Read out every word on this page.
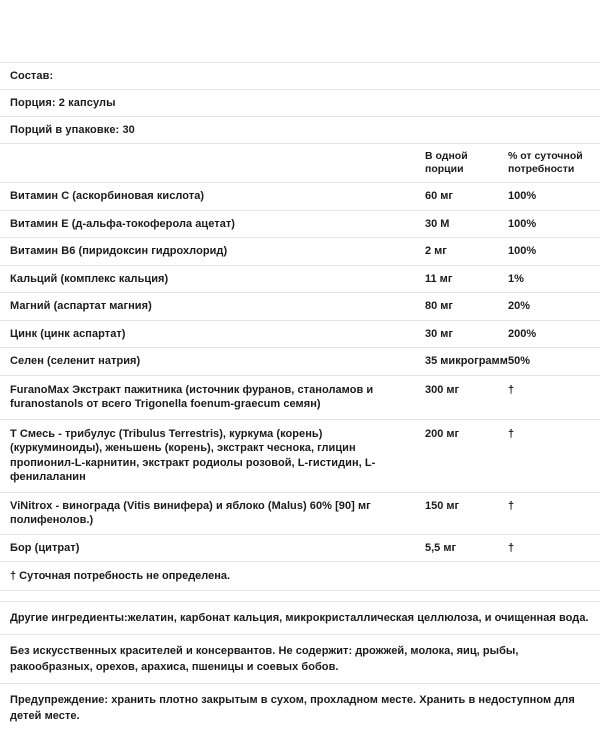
Состав:
Порция: 2 капсулы
Порций в упаковке: 30
	В одной порции	% от суточной потребности
Витамин C (аскорбиновая кислота)	60 мг	100%
Витамин Е (д-альфа-токоферола ацетат)	30 М	100%
Витамин В6 (пиридоксин гидрохлорид)	2 мг	100%
Кальций (комплекс кальция)	11 мг	1%
Магний (аспартат магния)	80 мг	20%
Цинк (цинк аспартат)	30 мг	200%
Селен (селенит натрия)	35 микрограмм	50%
FuranoMax Экстракт пажитника (источник фуранов, станоламов и furanostanols от всего Trigonella foenum-graecum семян)	300 мг	†
T Смесь - трибулус (Tribulus Terrestris), куркума (корень) (куркуминоиды), женьшень (корень), экстракт чеснока, глицин пропионил-L-карнитин, экстракт родиолы розовой, L-гистидин, L-фенилаланин	200 мг	†
ViNitrox - винограда (Vitis винифера) и яблоко (Malus) 60% [90] мг полифенолов.)	150 мг	†
Бор (цитрат)	5,5 мг	†
† Суточная потребность не определена.
Другие ингредиенты:желатин, карбонат кальция, микрокристаллическая целлюлоза, и очищенная вода.
Без искусственных красителей и консервантов. Не содержит: дрожжей, молока, яиц, рыбы, ракообразных, орехов, арахиса, пшеницы и соевых бобов.
Предупреждение: хранить плотно закрытым в сухом, прохладном месте. Хранить в недоступном для детей месте.
